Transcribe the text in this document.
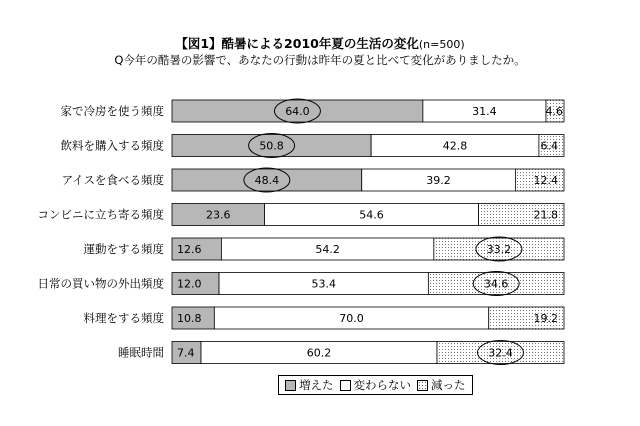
【図1】酷暑による2010年夏の生活の変化(n=500)
Q今年の酷暑の影響で、あなたの行動は昨年の夏と比べて変化がありましたか。
家で冷房を使う頻度	64.0	31.4	4.6
飲料を購入する頻度	50.8	42.8	6.4
アイスを食べる頻度	48.4	39.2	12.4
コンビニに立ち寄る頻度	23.6	54.6	21.8
運動をする頻度 12.6	54.2	33.2
日常の買い物の外出頻度 12.0	53.4	34.6
料理をする頻度 10.8	70.0	19.2
睡眠時間 7.4	60.2	32.4
増えた 変わらない 減った
